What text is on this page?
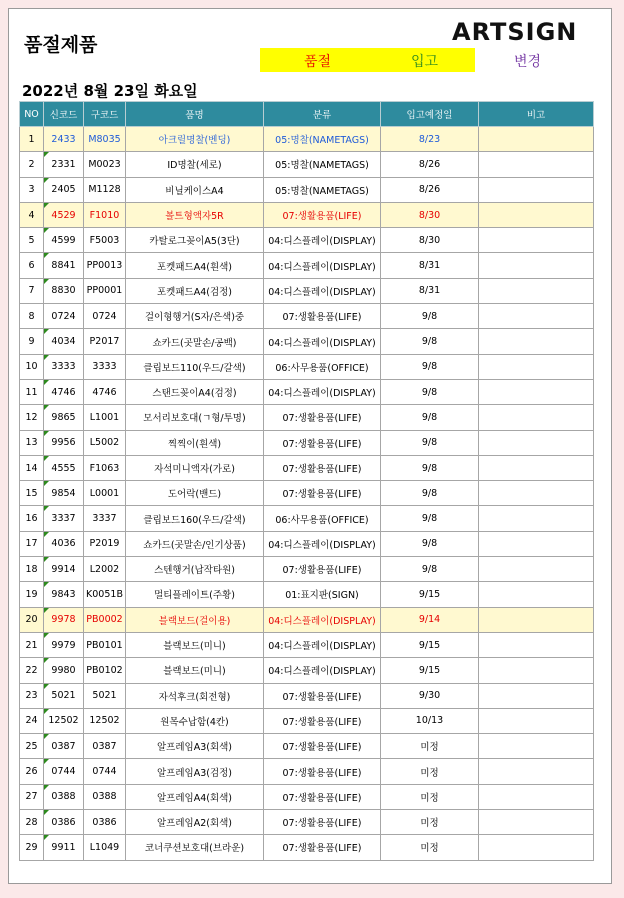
품절제품	ARTSIGN
품절	입고	변경
2022년 8월 23일 화요일
NO	신코드	구코드	품명	분류	입고예정일	비고
1	2433	M8035	아크릴명찰(벤딩)	05:명찰(NAMETAGS)	8/23	
2	2331	M0023	ID명찰(세로)	05:명찰(NAMETAGS)	8/26	
3	2405	M1128	비닐케이스A4	05:명찰(NAMETAGS)	8/26	
4	4529	F1010	볼트형액자5R	07:생활용품(LIFE)	8/30	
5	4599	F5003	카탈로그꽂이A5(3단)	04:디스플레이(DISPLAY)	8/30	
6	8841	PP0013	포켓패드A4(흰색)	04:디스플레이(DISPLAY)	8/31	
7	8830	PP0001	포켓패드A4(검정)	04:디스플레이(DISPLAY)	8/31	
8	0724	0724	걸이형행거(S자/은색)중	07:생활용품(LIFE)	9/8	
9	4034	P2017	쇼카드(곳말손/공백)	04:디스플레이(DISPLAY)	9/8	
10	3333	3333	클립보드110(우드/갈색)	06:사무용품(OFFICE)	9/8	
11	4746	4746	스탠드꽂이A4(검정)	04:디스플레이(DISPLAY)	9/8	
12	9865	L1001	모서리보호대(ㄱ형/투명)	07:생활용품(LIFE)	9/8	
13	9956	L5002	찍찍이(흰색)	07:생활용품(LIFE)	9/8	
14	4555	F1063	자석미니액자(가로)	07:생활용품(LIFE)	9/8	
15	9854	L0001	도어락(밴드)	07:생활용품(LIFE)	9/8	
16	3337	3337	클립보드160(우드/갈색)	06:사무용품(OFFICE)	9/8	
17	4036	P2019	쇼카드(곳말손/인기상품)	04:디스플레이(DISPLAY)	9/8	
18	9914	L2002	스텐행거(납작타원)	07:생활용품(LIFE)	9/8	
19	9843	K0051B	멀티플레이트(주황)	01:표지판(SIGN)	9/15	
20	9978	PB0002	블랙보드(걸이용)	04:디스플레이(DISPLAY)	9/14	
21	9979	PB0101	블랙보드(미니)	04:디스플레이(DISPLAY)	9/15	
22	9980	PB0102	블랙보드(미니)	04:디스플레이(DISPLAY)	9/15	
23	5021	5021	자석후크(회전형)	07:생활용품(LIFE)	9/30	
24	12502	12502	원목수납함(4칸)	07:생활용품(LIFE)	10/13	
25	0387	0387	알프레임A3(회색)	07:생활용품(LIFE)	미정	
26	0744	0744	알프레임A3(검정)	07:생활용품(LIFE)	미정	
27	0388	0388	알프레임A4(회색)	07:생활용품(LIFE)	미정	
28	0386	0386	알프레임A2(회색)	07:생활용품(LIFE)	미정	
29	9911	L1049	코너쿠션보호대(브라운)	07:생활용품(LIFE)	미정	
